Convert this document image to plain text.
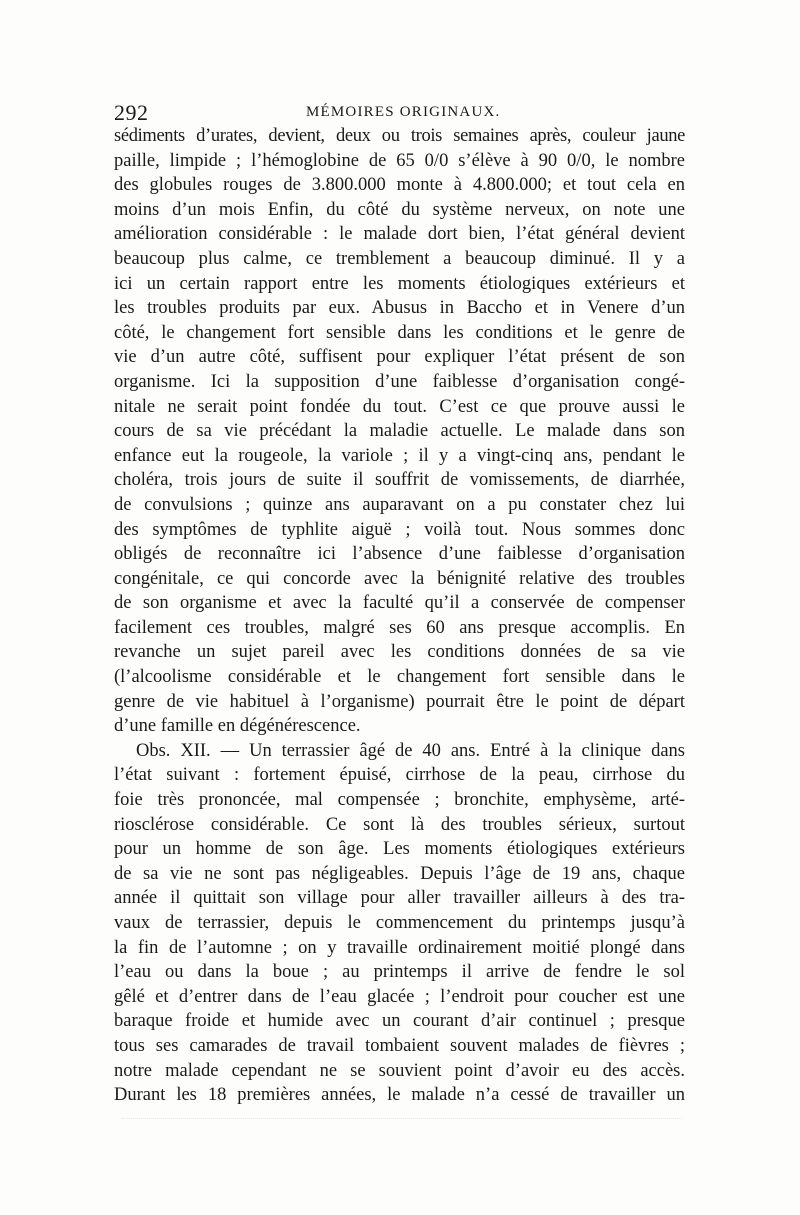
292	MÉMOIRES ORIGINAUX.
sédiments d’urates, devient, deux ou trois semaines après, couleur jaune
paille, limpide ; l’hémoglobine de 65 0/0 s’élève à 90 0/0, le nombre
des globules rouges de 3.800.000 monte à 4.800.000; et tout cela en
moins d’un mois Enfin, du côté du système nerveux, on note une
amélioration considérable : le malade dort bien, l’état général devient
beaucoup plus calme, ce tremblement a beaucoup diminué. Il y a
ici un certain rapport entre les moments étiologiques extérieurs et
les troubles produits par eux. Abusus in Baccho et in Venere d’un
côté, le changement fort sensible dans les conditions et le genre de
vie d’un autre côté, suffisent pour expliquer l’état présent de son
organisme. Ici la supposition d’une faiblesse d’organisation congé-
nitale ne serait point fondée du tout. C’est ce que prouve aussi le
cours de sa vie précédant la maladie actuelle. Le malade dans son
enfance eut la rougeole, la variole ; il y a vingt-cinq ans, pendant le
choléra, trois jours de suite il souffrit de vomissements, de diarrhée,
de convulsions ; quinze ans auparavant on a pu constater chez lui
des symptômes de typhlite aiguë ; voilà tout. Nous sommes donc
obligés de reconnaître ici l’absence d’une faiblesse d’organisation
congénitale, ce qui concorde avec la bénignité relative des troubles
de son organisme et avec la faculté qu’il a conservée de compenser
facilement ces troubles, malgré ses 60 ans presque accomplis. En
revanche un sujet pareil avec les conditions données de sa vie
(l’alcoolisme considérable et le changement fort sensible dans le
genre de vie habituel à l’organisme) pourrait être le point de départ
d’une famille en dégénérescence.
Obs. XII. — Un terrassier âgé de 40 ans. Entré à la clinique dans
l’état suivant : fortement épuisé, cirrhose de la peau, cirrhose du
foie très prononcée, mal compensée ; bronchite, emphysème, arté-
riosclérose considérable. Ce sont là des troubles sérieux, surtout
pour un homme de son âge. Les moments étiologiques extérieurs
de sa vie ne sont pas négligeables. Depuis l’âge de 19 ans, chaque
année il quittait son village pour aller travailler ailleurs à des tra-
vaux de terrassier, depuis le commencement du printemps jusqu’à
la fin de l’automne ; on y travaille ordinairement moitié plongé dans
l’eau ou dans la boue ; au printemps il arrive de fendre le sol
gêlé et d’entrer dans de l’eau glacée ; l’endroit pour coucher est une
baraque froide et humide avec un courant d’air continuel ; presque
tous ses camarades de travail tombaient souvent malades de fièvres ;
notre malade cependant ne se souvient point d’avoir eu des accès.
Durant les 18 premières années, le malade n’a cessé de travailler un
